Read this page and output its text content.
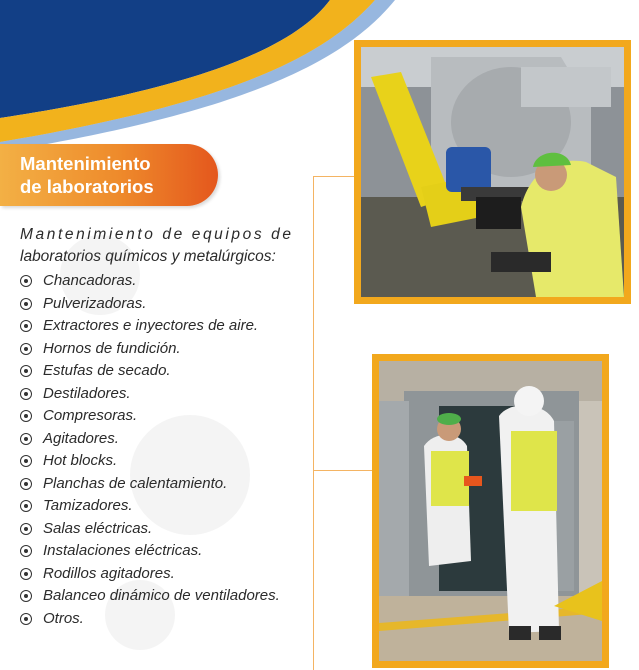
Mantenimiento
de laboratorios
Mantenimiento de equipos de
laboratorios químicos y metalúrgicos:
Chancadoras.
Pulverizadoras.
Extractores e inyectores de aire.
Hornos de fundición.
Estufas de secado.
Destiladores.
Compresoras.
Agitadores.
Hot blocks.
Planchas de calentamiento.
Tamizadores.
Salas eléctricas.
Instalaciones eléctricas.
Rodillos agitadores.
Balanceo dinámico de ventiladores.
Otros.
